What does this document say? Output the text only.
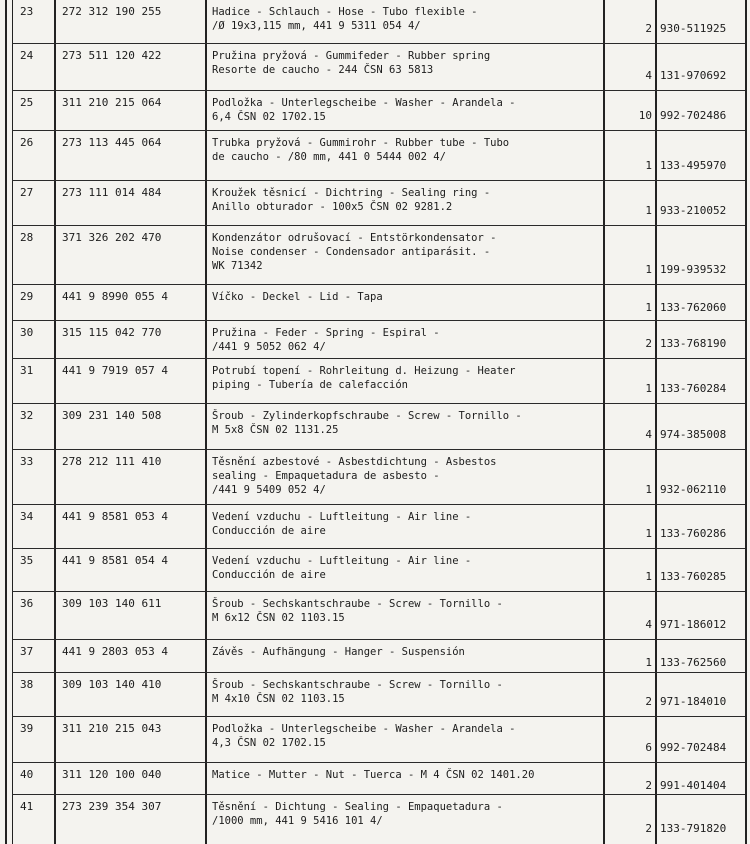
23	272 312 190 255	Hadice - Schlauch - Hose - Tubo flexible -
/Ø 19x3,115 mm, 441 9 5311 054 4/	2 930-511925
24	273 511 120 422	Pružina pryžová - Gummifeder - Rubber spring
Resorte de caucho - 244 ČSN 63 5813	4 131-970692
25	311 210 215 064	Podložka - Unterlegscheibe - Washer - Arandela -
6,4 ČSN 02 1702.15	10 992-702486
26	273 113 445 064	Trubka pryžová - Gummirohr - Rubber tube - Tubo
de caucho - /80 mm, 441 0 5444 002 4/
1 133-495970
27	273 111 014 484	Kroužek těsnicí - Dichtring - Sealing ring -
Anillo obturador - 100x5 ČSN 02 9281.2	1 933-210052
28	371 326 202 470	Kondenzátor odrušovací - Entstörkondensator -
Noise condenser - Condensador antiparásit. -
WK 71342	1 199-939532
29	441 9 8990 055 4	Víčko - Deckel - Lid - Tapa
1 133-762060
30	315 115 042 770	Pružina - Feder - Spring - Espiral -
/441 9 5052 062 4/	2 133-768190
31	441 9 7919 057 4	Potrubí topení - Rohrleitung d. Heizung - Heater
piping - Tubería de calefacción	1 133-760284
32	309 231 140 508	Šroub - Zylinderkopfschraube - Screw - Tornillo -
M 5x8 ČSN 02 1131.25	4 974-385008
33	278 212 111 410	Těsnění azbestové - Asbestdichtung - Asbestos
sealing - Empaquetadura de asbesto -
/441 9 5409 052 4/	1 932-062110
34	441 9 8581 053 4	Vedení vzduchu - Luftleitung - Air line -
Conducción de aire	1 133-760286
35	441 9 8581 054 4	Vedení vzduchu - Luftleitung - Air line -
Conducción de aire	1 133-760285
36	309 103 140 611	Šroub - Sechskantschraube - Screw - Tornillo -
M 6x12 ČSN 02 1103.15	4 971-186012
37	441 9 2803 053 4	Závěs - Aufhängung - Hanger - Suspensión
1 133-762560
38	309 103 140 410	Šroub - Sechskantschraube - Screw - Tornillo -
M 4x10 ČSN 02 1103.15	2 971-184010
39	311 210 215 043	Podložka - Unterlegscheibe - Washer - Arandela -
4,3 ČSN 02 1702.15	6 992-702484
40	311 120 100 040	Matice - Mutter - Nut - Tuerca - M 4 ČSN 02 1401.20
2 991-401404
41	273 239 354 307	Těsnění - Dichtung - Sealing - Empaquetadura -
/1000 mm, 441 9 5416 101 4/
2 133-791820
